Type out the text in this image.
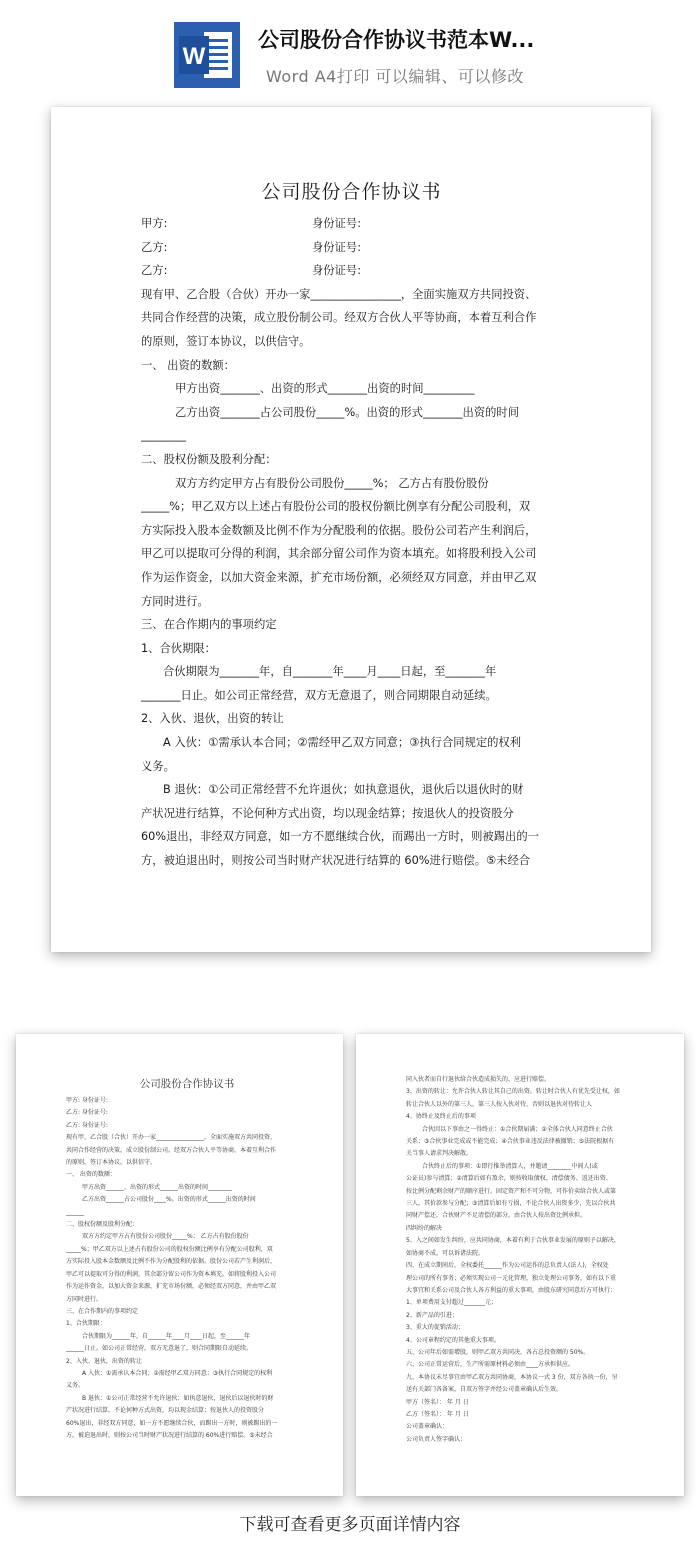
W
公司股份合作协议书范本W...
Word A4打印 可以编辑、可以修改
公司股份合作协议书
甲方:	身份证号:
乙方:	身份证号:
乙方:	身份证号:

现有甲、乙合股（合伙）开办一家________________，全面实施双方共同投资、

共同合作经营的决策，成立股份制公司。经双方合伙人平等协商，本着互利合作

的原则，签订本协议，以供信守。

一、 出资的数额：

甲方出资_______、出资的形式_______出资的时间_________

乙方出资_______占公司股份_____%。出资的形式_______出资的时间

________

二、股权份额及股利分配：

双方方约定甲方占有股份公司股份_____%； 乙方占有股份股份

_____%；甲乙双方以上述占有股份公司的股权份额比例享有分配公司股利，双

方实际投入股本金数额及比例不作为分配股利的依据。股份公司若产生利润后，

甲乙可以提取可分得的利润，其余部分留公司作为资本填充。如将股利投入公司

作为运作资金，以加大资金来源，扩充市场份额，必须经双方同意，并由甲乙双

方同时进行。

三、在合作期内的事项约定

1、合伙期限：

合伙期限为_______年，自_______年____月____日起，至_______年

_______日止。如公司正常经营，双方无意退了，则合同期限自动延续。

2、入伙、退伙，出资的转让

A 入伙：①需承认本合同；②需经甲乙双方同意；③执行合同规定的权利

义务。

B 退伙：①公司正常经营不允许退伙；如执意退伙，退伙后以退伙时的财

产状况进行结算，不论何种方式出资，均以现金结算；按退伙人的投资股分

60%退出，非经双方同意，如一方不愿继续合伙，而踢出一方时，则被踢出的一

方，被迫退出时，则按公司当时财产状况进行结算的 60%进行赔偿。⑤未经合

公司股份合作协议书

甲方: 身份证号:

乙方: 身份证号:

乙方: 身份证号:

现有甲、乙合股（合伙）开办一家________________，全面实施双方共同投资、

共同合作经营的决策，成立股份制公司。经双方合伙人平等协商，本着互利合作

的原则，签订本协议，以供信守。

一、 出资的数额：

甲方出资______、出资的形式______出资的时间________

乙方出资______占公司股份____%。出资的形式______出资的时间

______

二、股权份额及股利分配：

双方方约定甲方占有股份公司股份_____%； 乙方占有股份股份

_____%；甲乙双方以上述占有股份公司的股权份额比例享有分配公司股利，双

方实际投入股本金数额及比例不作为分配股利的依据。股份公司若产生利润后，

甲乙可以提取可分得的利润，其余部分留公司作为资本填充。如将股利投入公司

作为运作资金，以加大资金来源，扩充市场份额，必须经双方同意，并由甲乙双

方同时进行。

三、在合作期内的事项约定

1、合伙期限：

合伙期限为______年，自______年____月____日起，至______年

______日止。如公司正常经营，双方无意退了，则合同期限自动延续。

2、入伙、退伙，出资的转让

A 入伙：①需承认本合同；②需经甲乙双方同意；③执行合同规定的权利

义务。

B 退伙：①公司正常经营不允许退伙；如执意退伙，退伙后以退伙时的财

产状况进行结算，不论何种方式出资，均以现金结算；按退伙人的投资股分

60%退出，非经双方同意，如一方不愿继续合伙，而踢出一方时，则被踢出的一

方，被迫退出时，则按公司当时财产状况进行结算的 60%进行赔偿。⑤未经合

同入伙者而自行退伙给合伙造成损失的，应进行赔偿。

3、出资的转让：允许合伙人转让其自己的出资。转让时合伙人有优先受让权，如

转让合伙人以外的第三人，第三人按入伙对待，否则以退伙对待转让人

4、协终止及终止后的事项

合伙因以下事由之一得终止：①合伙期届满；②全体合伙人同意终止合伙

关系；③合伙事业完成或不能完成；④合伙事业违反法律被撤销；⑤法院根据有

关当事人请求判决解散。

合伙终止后的事项：①即行推举清算人，并邀请________中间人(或

公证员)参与清算；②清算后如有盈余，则按收取债权、清偿债务、返还出资、

按比例分配剩余财产的顺序进行。固定资产和不可分物，可作价卖给合伙人或第

三人，其价款参与分配；③清算后如有亏损，不论合伙人出资多少，先以合伙共

同财产偿还，合伙财产不足清偿的部分，由合伙人按出资比例承担。

四纠纷的解决

5、入之间如发生纠纷，应共同协商，本着有利于合伙事业发展的原则予以解决，

如协商不成，可以诉诸法院。

四、在成立期间后，全权委托______作为公司运作的总负责人(法人)，全权处

理公司的所有事务；必须实现公司一元化管理，独立处理公司事务，如有以下重

大事宜和关系公司及合伙人各方利益的重大事项，由股东研究同意后方可执行：

1、单项费用支付超过_______元；

2、新产品的引进；

3、重大的促销活动；

4、公司章程约定的其他重大事项。

五、公司年后如需增股，则甲乙双方共同决，各占总投资额的 50%。

六、公司正常运营后，生产所需原材料必须由____方承担供应。

九、本协议未尽事宜由甲乙双方共同协商，本协议一式 3 份，双方各执一份，呈

送有关部门各备案，自双方签字并经公司盖章确认后生效。

甲方（签名）： 年 月 日

乙方（签名）： 年 月 日

公司盖章确认：

公司负责人签字确认：

下载可查看更多页面详情内容
